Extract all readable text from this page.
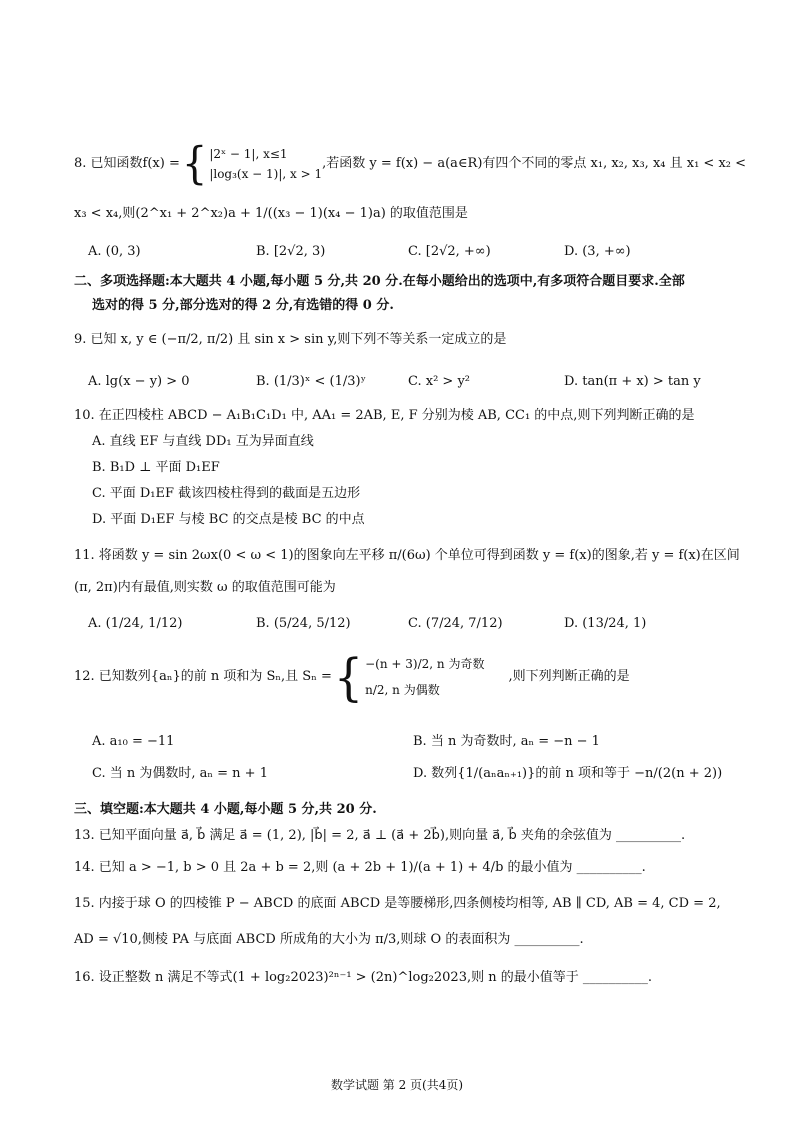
8. 已知函数f(x) = { |2ˣ − 1|, x≤1
|log₃(x − 1)|, x > 1
,若函数 y = f(x) − a(a∈R)有四个不同的零点 x₁, x₂, x₃, x₄ 且 x₁ < x₂ <
x₃ < x₄,则(2^x₁ + 2^x₂)a + 1/((x₃ − 1)(x₄ − 1)a) 的取值范围是
A. (0, 3)	B. [2√2, 3)	C. [2√2, +∞)	D. (3, +∞)
二、多项选择题:本大题共 4 小题,每小题 5 分,共 20 分.在每小题给出的选项中,有多项符合题目要求.全部
选对的得 5 分,部分选对的得 2 分,有选错的得 0 分.
9. 已知 x, y ∈ (−π/2, π/2) 且 sin x > sin y,则下列不等关系一定成立的是
A. lg(x − y) > 0	B. (1/3)ˣ < (1/3)ʸ	C. x² > y²	D. tan(π + x) > tan y
10. 在正四棱柱 ABCD − A₁B₁C₁D₁ 中, AA₁ = 2AB, E, F 分别为棱 AB, CC₁ 的中点,则下列判断正确的是
A. 直线 EF 与直线 DD₁ 互为异面直线
B. B₁D ⊥ 平面 D₁EF
C. 平面 D₁EF 截该四棱柱得到的截面是五边形
D. 平面 D₁EF 与棱 BC 的交点是棱 BC 的中点
11. 将函数 y = sin 2ωx(0 < ω < 1)的图象向左平移 π/(6ω) 个单位可得到函数 y = f(x)的图象,若 y = f(x)在区间
(π, 2π)内有最值,则实数 ω 的取值范围可能为
A. (1/24, 1/12)	B. (5/24, 5/12)	C. (7/24, 7/12)	D. (13/24, 1)
12. 已知数列{aₙ}的前 n 项和为 Sₙ,且 Sₙ = { −(n + 3)/2, n 为奇数
n/2, n 为偶数
,则下列判断正确的是
A. a₁₀ = −11	B. 当 n 为奇数时, aₙ = −n − 1
C. 当 n 为偶数时, aₙ = n + 1	D. 数列{1/(aₙaₙ₊₁)}的前 n 项和等于 −n/(2(n + 2))
三、填空题:本大题共 4 小题,每小题 5 分,共 20 分.
13. 已知平面向量 a⃗, b⃗ 满足 a⃗ = (1, 2), |b⃗| = 2, a⃗ ⊥ (a⃗ + 2b⃗),则向量 a⃗, b⃗ 夹角的余弦值为 __________.
14. 已知 a > −1, b > 0 且 2a + b = 2,则 (a + 2b + 1)/(a + 1) + 4/b 的最小值为 __________.
15. 内接于球 O 的四棱锥 P − ABCD 的底面 ABCD 是等腰梯形,四条侧棱均相等, AB ∥ CD, AB = 4, CD = 2,
AD = √10,侧棱 PA 与底面 ABCD 所成角的大小为 π/3,则球 O 的表面积为 __________.
16. 设正整数 n 满足不等式(1 + log₂2023)²ⁿ⁻¹ > (2n)^log₂2023,则 n 的最小值等于 __________.
数学试题 第 2 页(共4页)
